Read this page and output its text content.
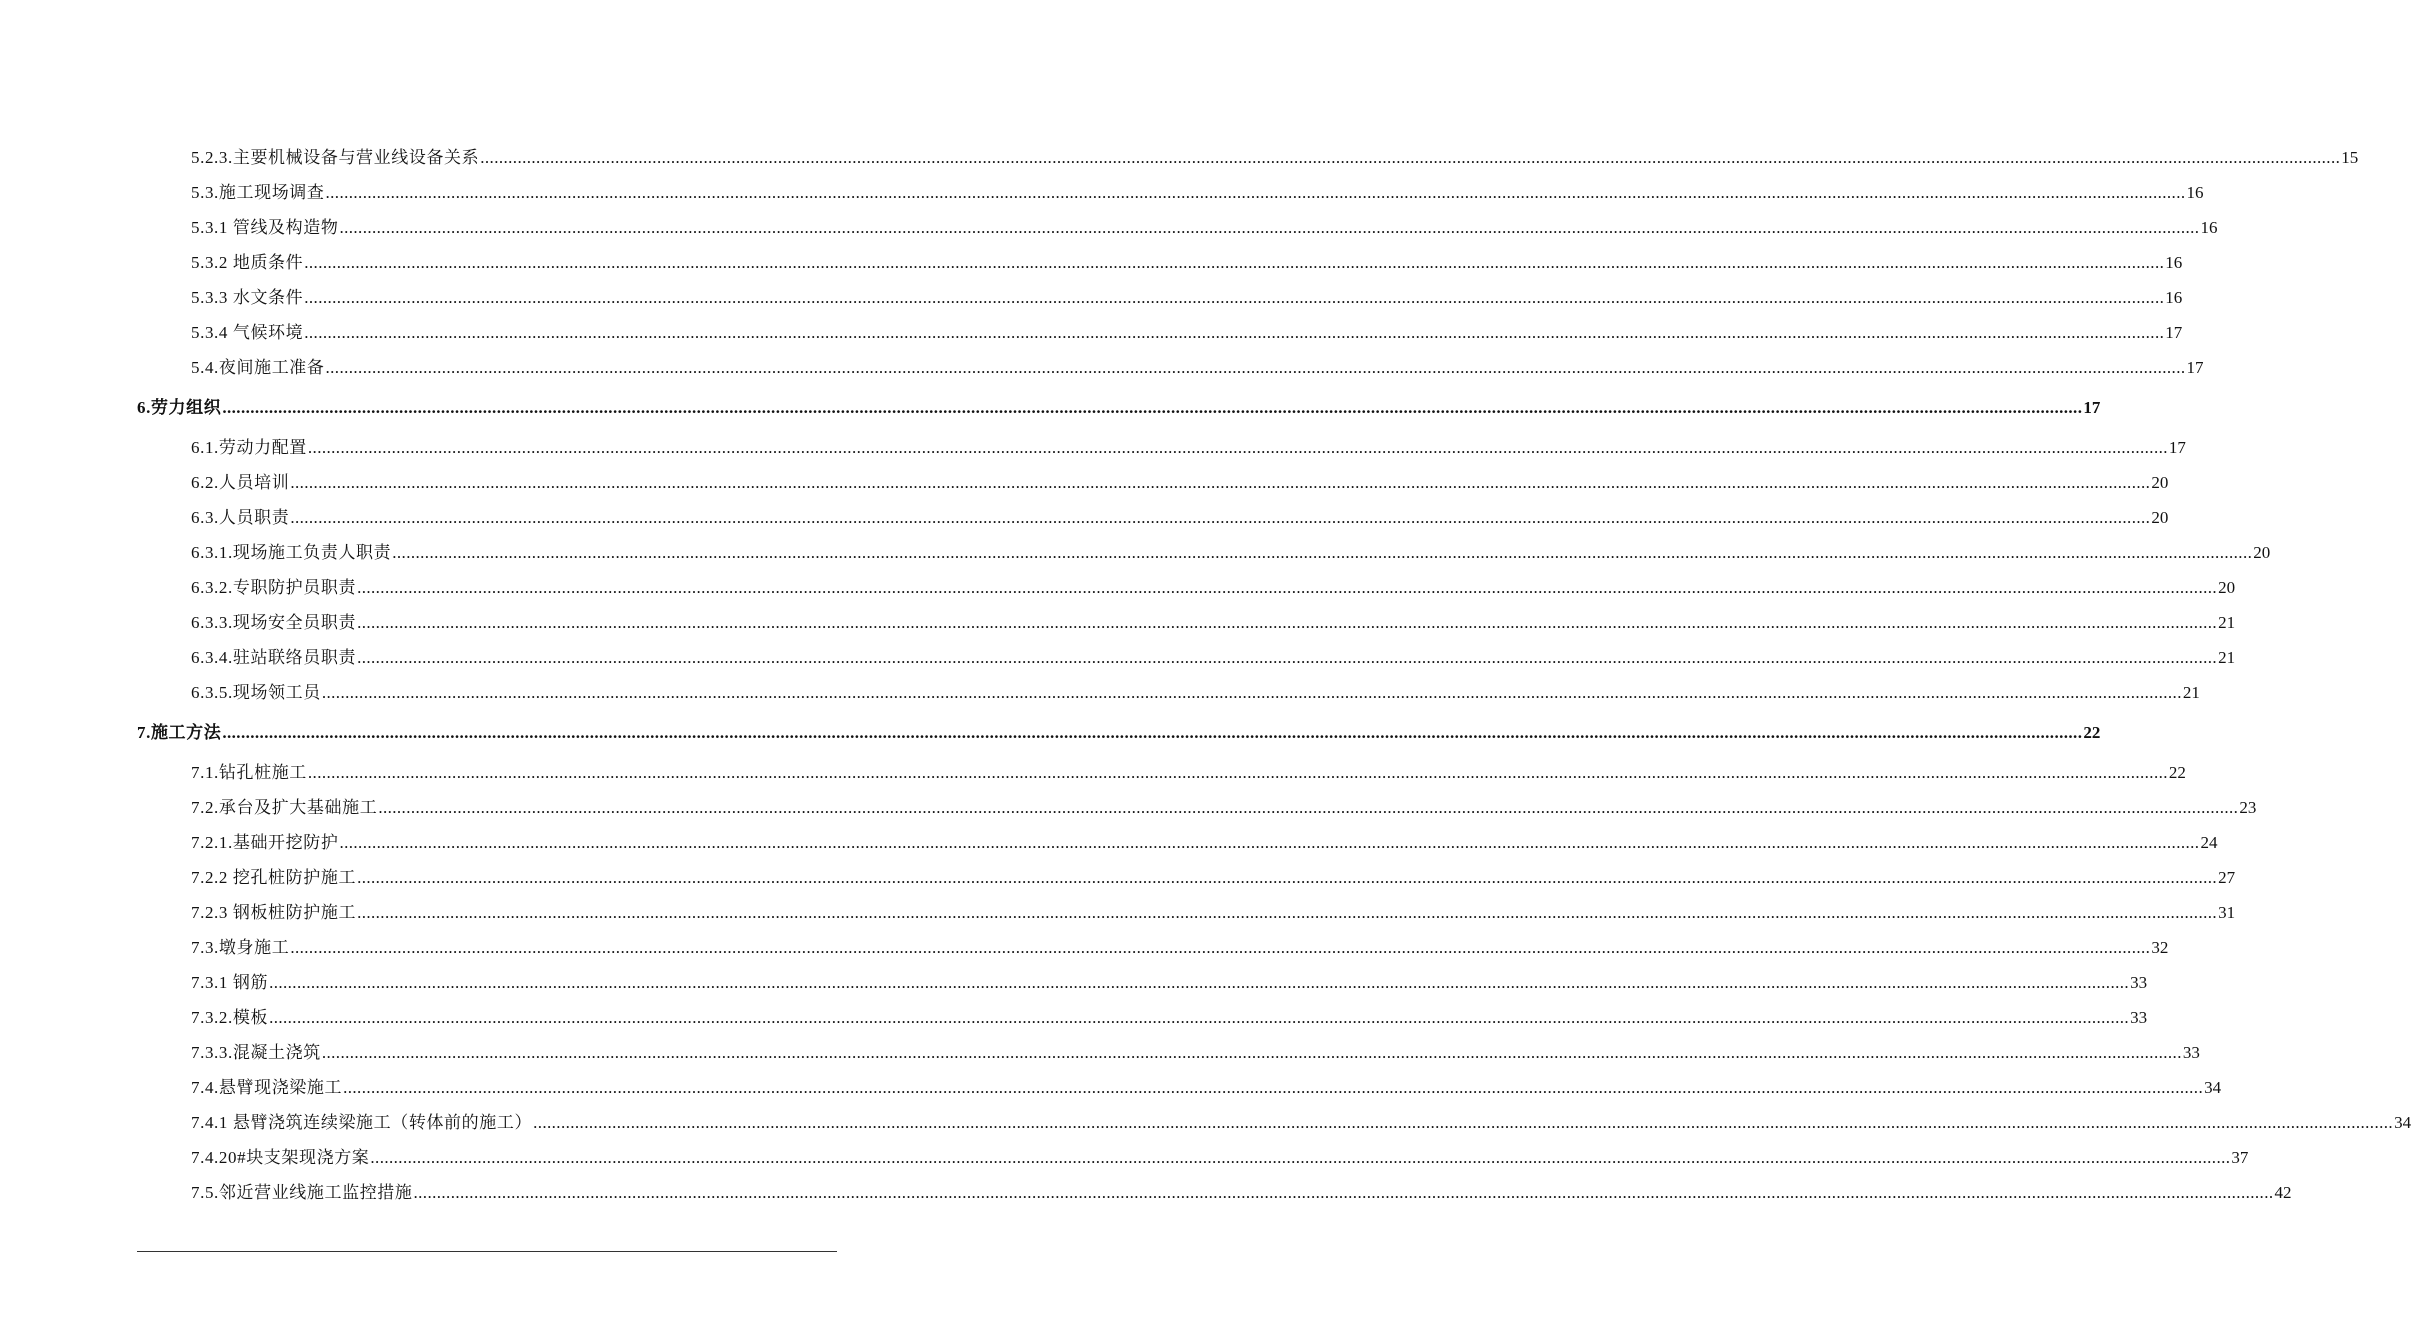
5.2.3.主要机械设备与营业线设备关系 ................................................................................................................................................................................................................................................................................................................................................................................................................ 15
5.3.施工现场调查 ................................................................................................................................................................................................................................................................................................................................................................................................................ 16
5.3.1 管线及构造物 ................................................................................................................................................................................................................................................................................................................................................................................................................ 16
5.3.2 地质条件 ................................................................................................................................................................................................................................................................................................................................................................................................................ 16
5.3.3 水文条件 ................................................................................................................................................................................................................................................................................................................................................................................................................ 16
5.3.4 气候环境 ................................................................................................................................................................................................................................................................................................................................................................................................................ 17
5.4.夜间施工准备 ................................................................................................................................................................................................................................................................................................................................................................................................................ 17
6.劳力组织 ................................................................................................................................................................................................................................................................................................................................................................................................................ 17
6.1.劳动力配置 ................................................................................................................................................................................................................................................................................................................................................................................................................ 17
6.2.人员培训 ................................................................................................................................................................................................................................................................................................................................................................................................................ 20
6.3.人员职责 ................................................................................................................................................................................................................................................................................................................................................................................................................ 20
6.3.1.现场施工负责人职责 ................................................................................................................................................................................................................................................................................................................................................................................................................ 20
6.3.2.专职防护员职责 ................................................................................................................................................................................................................................................................................................................................................................................................................ 20
6.3.3.现场安全员职责 ................................................................................................................................................................................................................................................................................................................................................................................................................ 21
6.3.4.驻站联络员职责 ................................................................................................................................................................................................................................................................................................................................................................................................................ 21
6.3.5.现场领工员 ................................................................................................................................................................................................................................................................................................................................................................................................................ 21
7.施工方法 ................................................................................................................................................................................................................................................................................................................................................................................................................ 22
7.1.钻孔桩施工 ................................................................................................................................................................................................................................................................................................................................................................................................................ 22
7.2.承台及扩大基础施工 ................................................................................................................................................................................................................................................................................................................................................................................................................ 23
7.2.1.基础开挖防护 ................................................................................................................................................................................................................................................................................................................................................................................................................ 24
7.2.2 挖孔桩防护施工 ................................................................................................................................................................................................................................................................................................................................................................................................................ 27
7.2.3 钢板桩防护施工 ................................................................................................................................................................................................................................................................................................................................................................................................................ 31
7.3.墩身施工 ................................................................................................................................................................................................................................................................................................................................................................................................................ 32
7.3.1 钢筋 ................................................................................................................................................................................................................................................................................................................................................................................................................ 33
7.3.2.模板 ................................................................................................................................................................................................................................................................................................................................................................................................................ 33
7.3.3.混凝土浇筑 ................................................................................................................................................................................................................................................................................................................................................................................................................ 33
7.4.悬臂现浇梁施工 ................................................................................................................................................................................................................................................................................................................................................................................................................ 34
7.4.1 悬臂浇筑连续梁施工（转体前的施工） ................................................................................................................................................................................................................................................................................................................................................................................................................ 34
7.4.20#块支架现浇方案 ................................................................................................................................................................................................................................................................................................................................................................................................................ 37
7.5.邻近营业线施工监控措施 ................................................................................................................................................................................................................................................................................................................................................................................................................ 42
